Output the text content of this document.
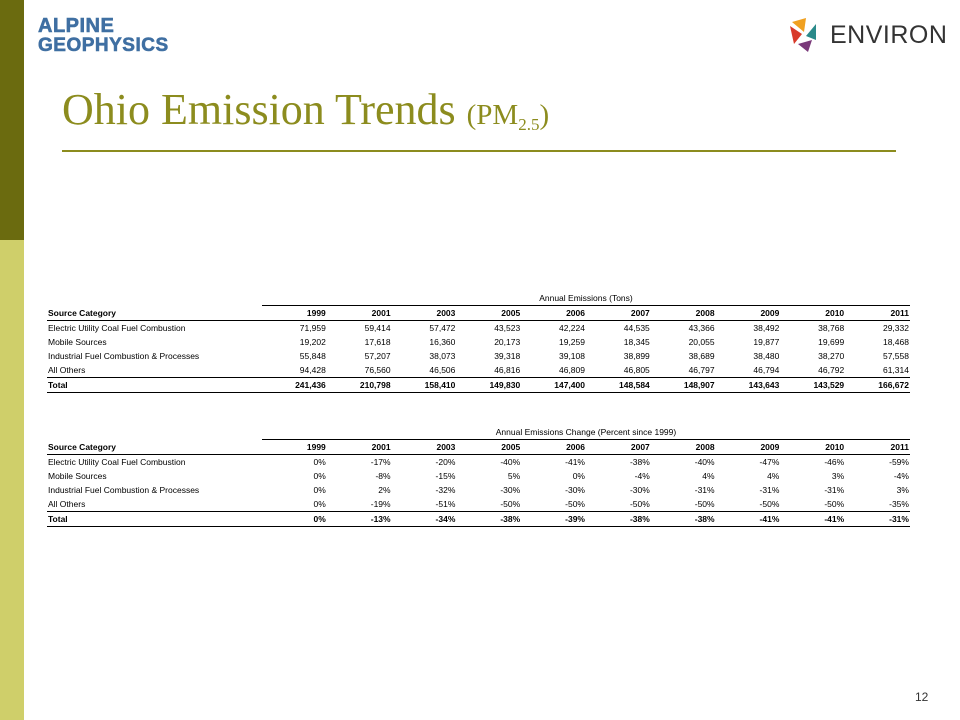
ALPINE
GEOPHYSICS	ENVIRON
Ohio Emission Trends $(PM_{2.5})$
	Annual Emissions (Tons)									
Source Category	1999	2001	2003	2005	2006	2007	2008	2009	2010	2011
Electric Utility Coal Fuel Combustion	71,959	59,414	57,472	43,523	42,224	44,535	43,366	38,492	38,768	29,332
Mobile Sources	19,202	17,618	16,360	20,173	19,259	18,345	20,055	19,877	19,699	18,468
Industrial Fuel Combustion & Processes	55,848	57,207	38,073	39,318	39,108	38,899	38,689	38,480	38,270	57,558
All Others	94,428	76,560	46,506	46,816	46,809	46,805	46,797	46,794	46,792	61,314
Total	241,436	210,798	158,410	149,830	147,400	148,584	148,907	143,643	143,529	166,672
	Annual Emissions Change (Percent since 1999)									
Source Category	1999	2001	2003	2005	2006	2007	2008	2009	2010	2011
Electric Utility Coal Fuel Combustion	0%	-17%	-20%	-40%	-41%	-38%	-40%	-47%	-46%	-59%
Mobile Sources	0%	-8%	-15%	5%	0%	-4%	4%	4%	3%	-4%
Industrial Fuel Combustion & Processes	0%	2%	-32%	-30%	-30%	-30%	-31%	-31%	-31%	3%
All Others	0%	-19%	-51%	-50%	-50%	-50%	-50%	-50%	-50%	-35%
Total	0%	-13%	-34%	-38%	-39%	-38%	-38%	-41%	-41%	-31%
12
